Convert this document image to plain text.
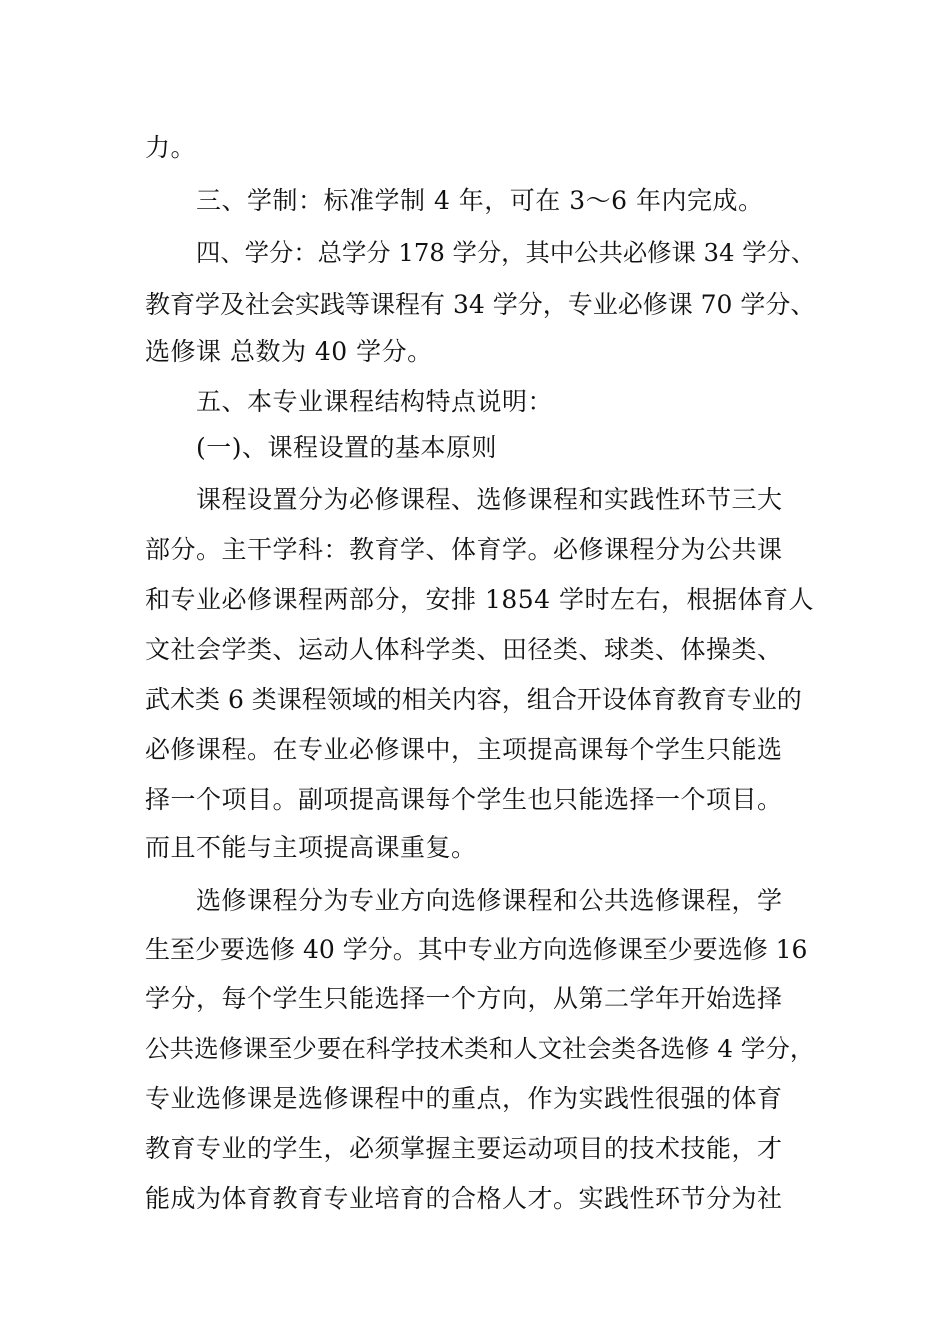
力。
三、学制：标准学制 4 年，可在 3～6 年内完成。
四、学分：总学分 178 学分，其中公共必修课 34 学分、
教育学及社会实践等课程有 34 学分，专业必修课 70 学分、
选修课 总数为 40 学分。
五、本专业课程结构特点说明：
(一)、课程设置的基本原则
课程设置分为必修课程、选修课程和实践性环节三大
部分。主干学科：教育学、体育学。必修课程分为公共课
和专业必修课程两部分，安排 1854 学时左右，根据体育人
文社会学类、运动人体科学类、田径类、球类、体操类、
武术类 6 类课程领域的相关内容，组合开设体育教育专业的
必修课程。在专业必修课中，主项提高课每个学生只能选
择一个项目。副项提高课每个学生也只能选择一个项目。
而且不能与主项提高课重复。
选修课程分为专业方向选修课程和公共选修课程，学
生至少要选修 40 学分。其中专业方向选修课至少要选修 16
学分，每个学生只能选择一个方向，从第二学年开始选择
公共选修课至少要在科学技术类和人文社会类各选修 4 学分，
专业选修课是选修课程中的重点，作为实践性很强的体育
教育专业的学生，必须掌握主要运动项目的技术技能，才
能成为体育教育专业培育的合格人才。实践性环节分为社
